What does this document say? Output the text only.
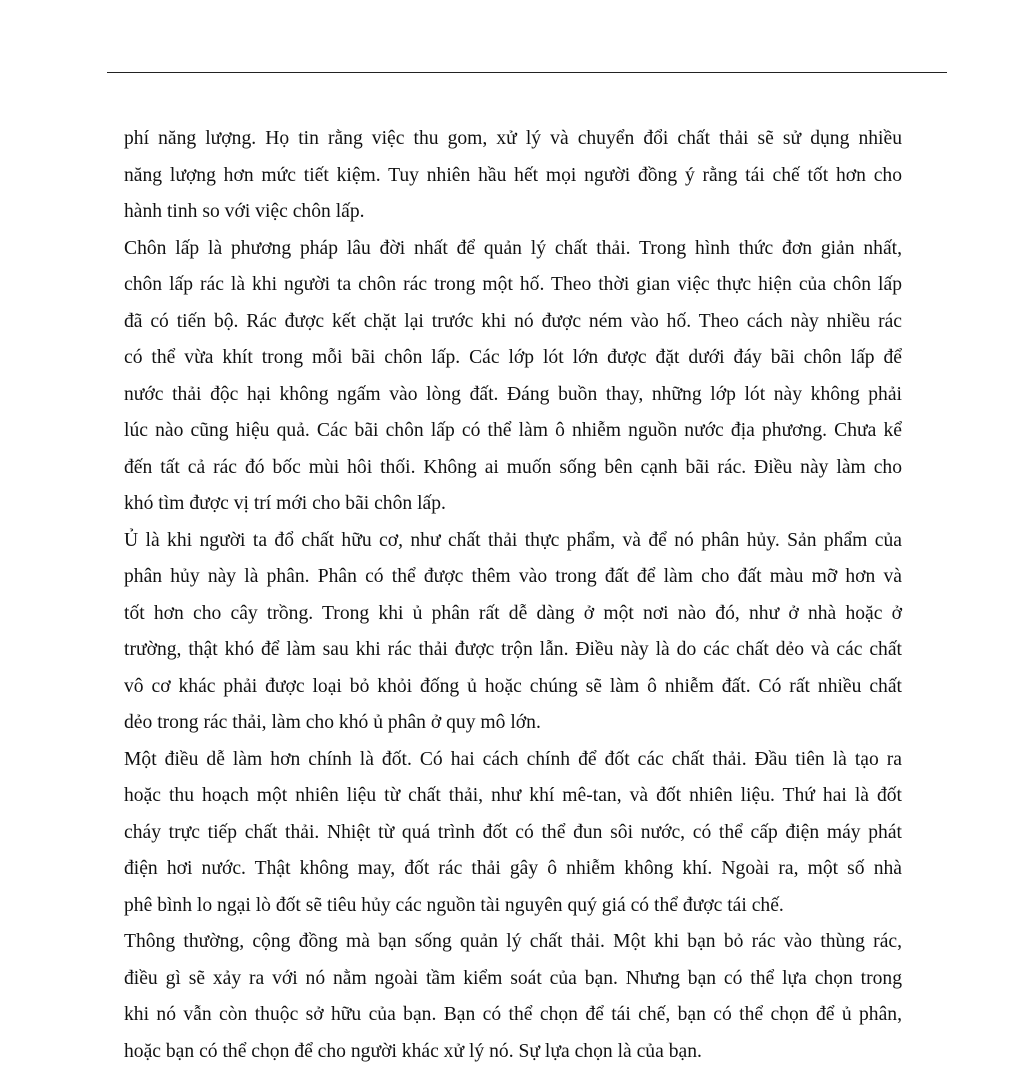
phí năng lượng. Họ tin rằng việc thu gom, xử lý và chuyển đổi chất thải sẽ sử dụng nhiều
năng lượng hơn mức tiết kiệm. Tuy nhiên hầu hết mọi người đồng ý rằng tái chế tốt hơn cho
hành tinh so với việc chôn lấp.

Chôn lấp là phương pháp lâu đời nhất để quản lý chất thải. Trong hình thức đơn giản nhất,
chôn lấp rác là khi người ta chôn rác trong một hố. Theo thời gian việc thực hiện của chôn lấp
đã có tiến bộ. Rác được kết chặt lại trước khi nó được ném vào hố. Theo cách này nhiều rác
có thể vừa khít trong mỗi bãi chôn lấp. Các lớp lót lớn được đặt dưới đáy bãi chôn lấp để
nước thải độc hại không ngấm vào lòng đất. Đáng buồn thay, những lớp lót này không phải
lúc nào cũng hiệu quả. Các bãi chôn lấp có thể làm ô nhiễm nguồn nước địa phương. Chưa kể
đến tất cả rác đó bốc mùi hôi thối. Không ai muốn sống bên cạnh bãi rác. Điều này làm cho
khó tìm được vị trí mới cho bãi chôn lấp.

Ủ là khi người ta đổ chất hữu cơ, như chất thải thực phẩm, và để nó phân hủy. Sản phẩm của
phân hủy này là phân. Phân có thể được thêm vào trong đất để làm cho đất màu mỡ hơn và
tốt hơn cho cây trồng. Trong khi ủ phân rất dễ dàng ở một nơi nào đó, như ở nhà hoặc ở
trường, thật khó để làm sau khi rác thải được trộn lẫn. Điều này là do các chất dẻo và các chất
vô cơ khác phải được loại bỏ khỏi đống ủ hoặc chúng sẽ làm ô nhiễm đất. Có rất nhiều chất
dẻo trong rác thải, làm cho khó ủ phân ở quy mô lớn.

Một điều dễ làm hơn chính là đốt. Có hai cách chính để đốt các chất thải. Đầu tiên là tạo ra
hoặc thu hoạch một nhiên liệu từ chất thải, như khí mê-tan, và đốt nhiên liệu. Thứ hai là đốt
cháy trực tiếp chất thải. Nhiệt từ quá trình đốt có thể đun sôi nước, có thể cấp điện máy phát
điện hơi nước. Thật không may, đốt rác thải gây ô nhiễm không khí. Ngoài ra, một số nhà
phê bình lo ngại lò đốt sẽ tiêu hủy các nguồn tài nguyên quý giá có thể được tái chế.

Thông thường, cộng đồng mà bạn sống quản lý chất thải. Một khi bạn bỏ rác vào thùng rác,
điều gì sẽ xảy ra với nó nằm ngoài tầm kiểm soát của bạn. Nhưng bạn có thể lựa chọn trong
khi nó vẫn còn thuộc sở hữu của bạn. Bạn có thể chọn để tái chế, bạn có thể chọn để ủ phân,
hoặc bạn có thể chọn để cho người khác xử lý nó. Sự lựa chọn là của bạn.
